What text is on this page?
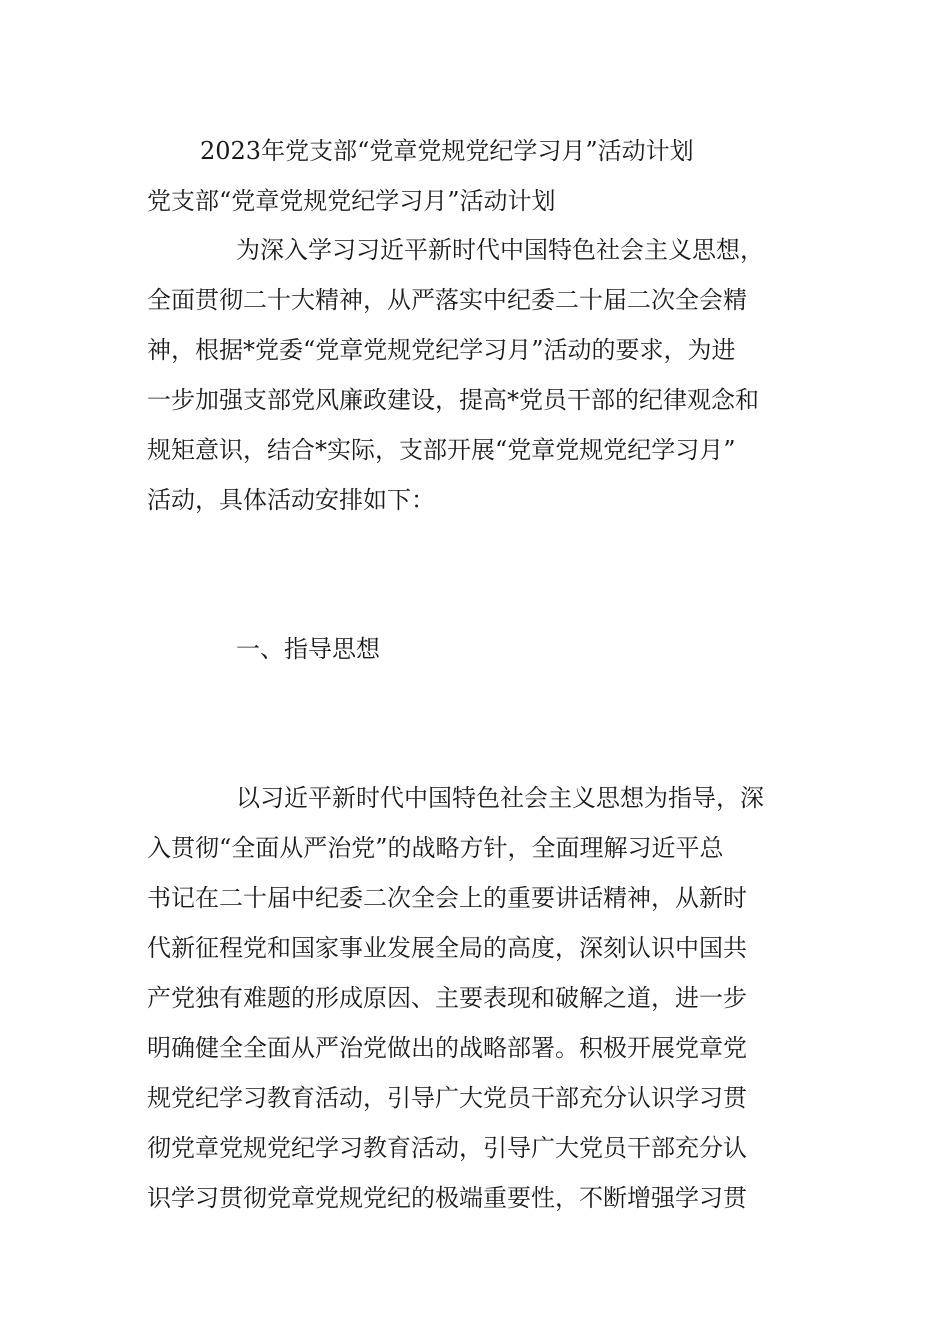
2023年党支部“党章党规党纪学习月”活动计划
党支部“党章党规党纪学习月”活动计划
为深入学习习近平新时代中国特色社会主义思想，
全面贯彻二十大精神，从严落实中纪委二十届二次全会精
神，根据*党委“党章党规党纪学习月”活动的要求，为进
一步加强支部党风廉政建设，提高*党员干部的纪律观念和
规矩意识，结合*实际，支部开展“党章党规党纪学习月”
活动，具体活动安排如下：
一、指导思想
以习近平新时代中国特色社会主义思想为指导，深
入贯彻“全面从严治党”的战略方针，全面理解习近平总
书记在二十届中纪委二次全会上的重要讲话精神，从新时
代新征程党和国家事业发展全局的高度，深刻认识中国共
产党独有难题的形成原因、主要表现和破解之道，进一步
明确健全全面从严治党做出的战略部署。积极开展党章党
规党纪学习教育活动，引导广大党员干部充分认识学习贯
彻党章党规党纪学习教育活动，引导广大党员干部充分认
识学习贯彻党章党规党纪的极端重要性，不断增强学习贯
